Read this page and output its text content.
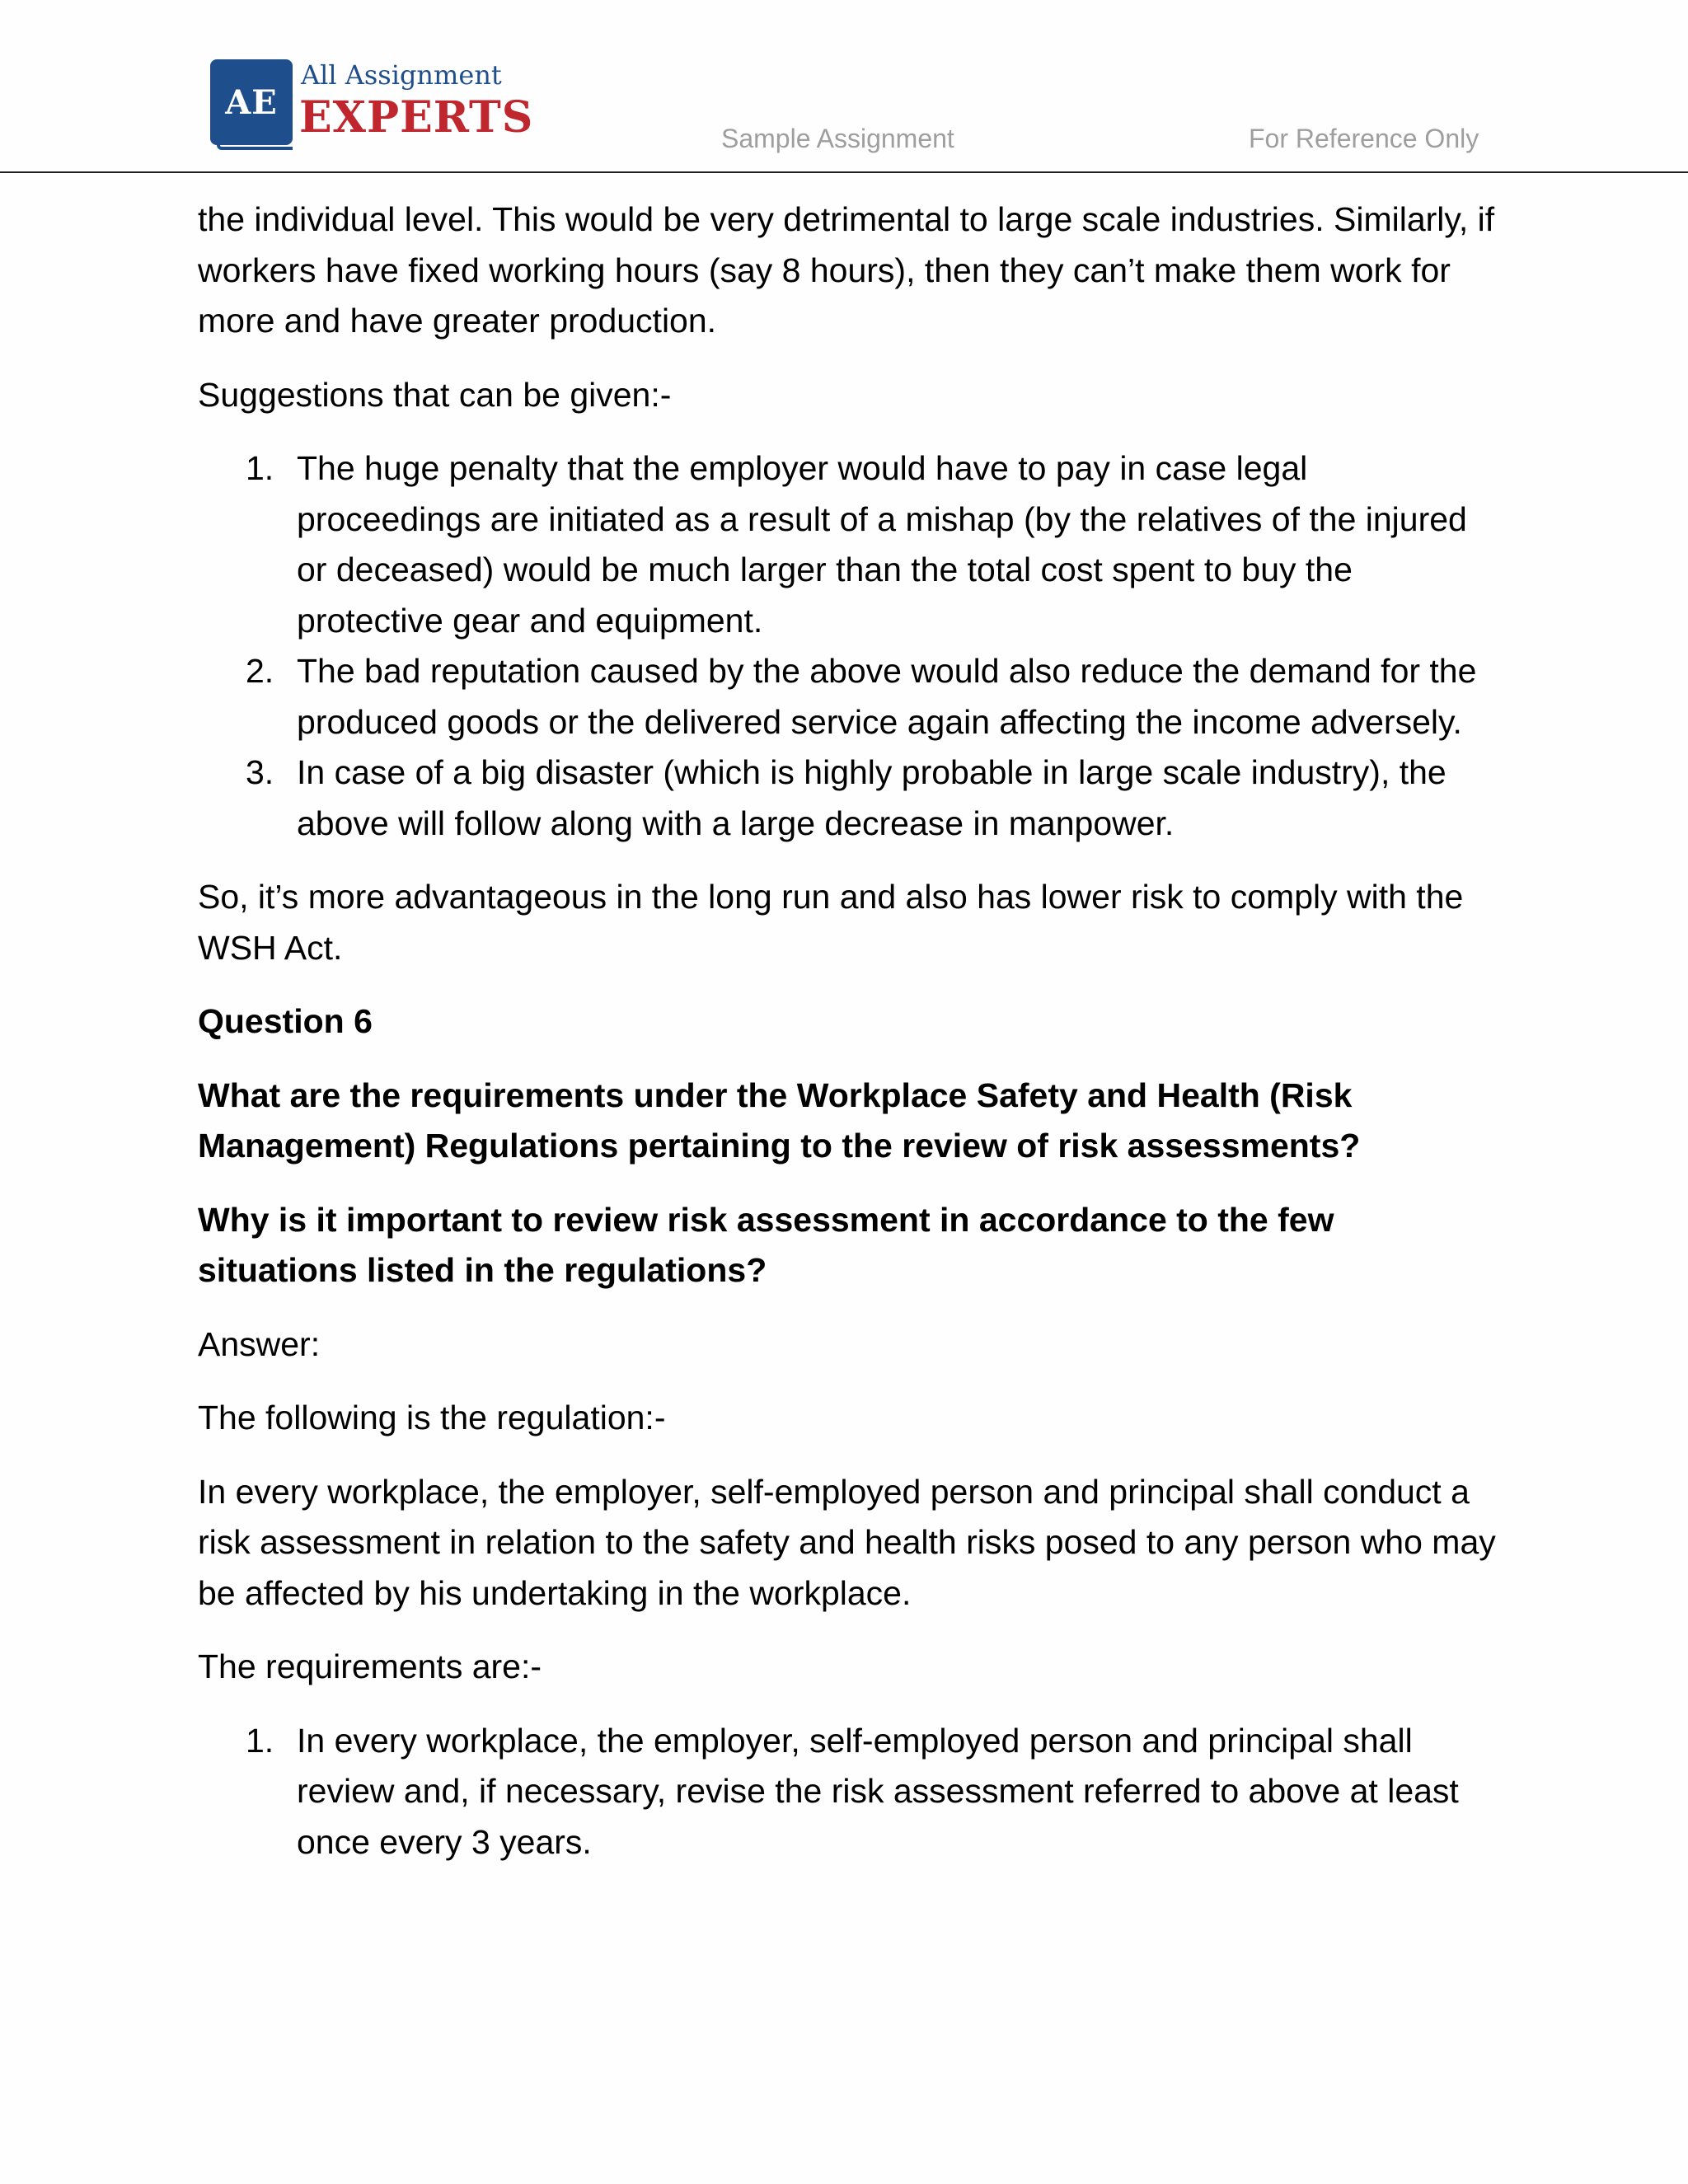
AE
All Assignment
EXPERTS	Sample Assignment	For Reference Only

the individual level. This would be very detrimental to large scale industries. Similarly, if workers have fixed working hours (say 8 hours), then they can’t make them work for more and have greater production.

Suggestions that can be given:-

1. The huge penalty that the employer would have to pay in case legal proceedings are initiated as a result of a mishap (by the relatives of the injured or deceased) would be much larger than the total cost spent to buy the protective gear and equipment.
2. The bad reputation caused by the above would also reduce the demand for the produced goods or the delivered service again affecting the income adversely.
3. In case of a big disaster (which is highly probable in large scale industry), the above will follow along with a large decrease in manpower.

So, it’s more advantageous in the long run and also has lower risk to comply with the WSH Act.

Question 6

What are the requirements under the Workplace Safety and Health (Risk Management) Regulations pertaining to the review of risk assessments?

Why is it important to review risk assessment in accordance to the few situations listed in the regulations?

Answer:

The following is the regulation:-

In every workplace, the employer, self-employed person and principal shall conduct a risk assessment in relation to the safety and health risks posed to any person who may be affected by his undertaking in the workplace.

The requirements are:-

1. In every workplace, the employer, self-employed person and principal shall review and, if necessary, revise the risk assessment referred to above at least once every 3 years.
